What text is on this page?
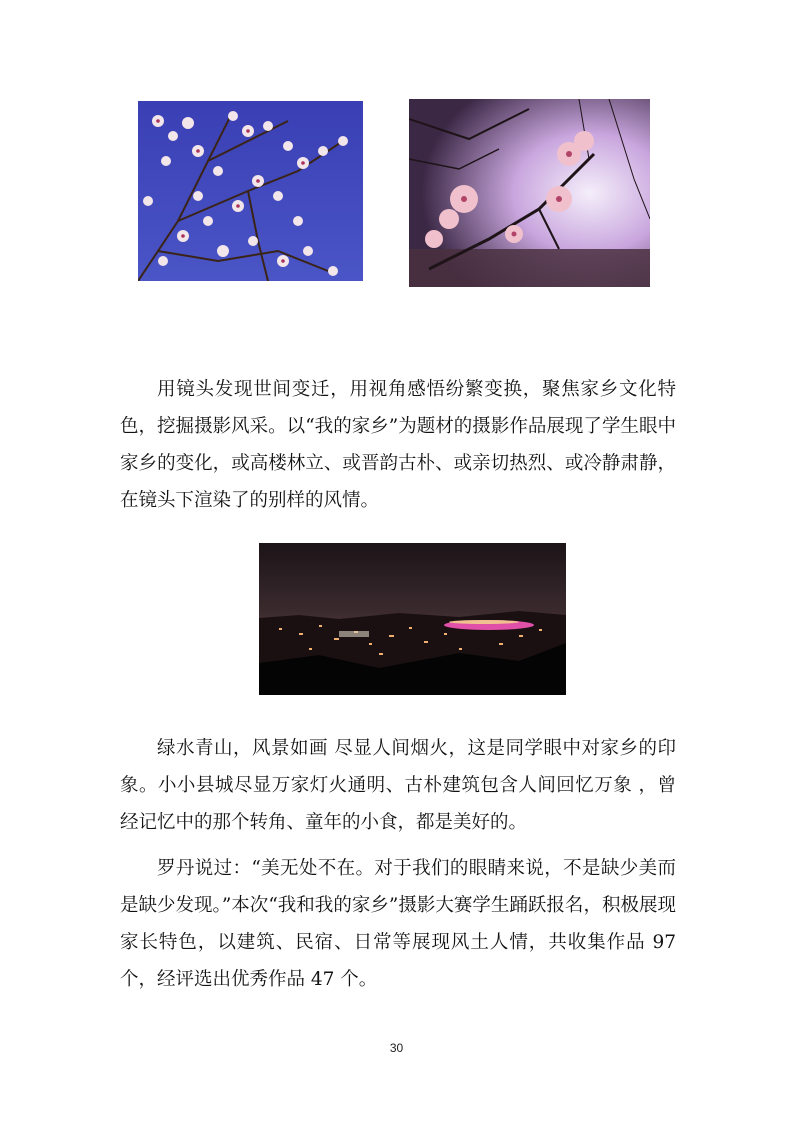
用镜头发现世间变迁，用视角感悟纷繁变换，聚焦家乡文化特色，挖掘摄影风采。以“我的家乡”为题材的摄影作品展现了学生眼中家乡的变化，或高楼林立、或晋韵古朴、或亲切热烈、或冷静肃静，在镜头下渲染了的别样的风情。

绿水青山，风景如画 尽显人间烟火，这是同学眼中对家乡的印象。小小县城尽显万家灯火通明、古朴建筑包含人间回忆万象 ，曾经记忆中的那个转角、童年的小食，都是美好的。

罗丹说过：“美无处不在。对于我们的眼睛来说，不是缺少美而是缺少发现。”本次“我和我的家乡”摄影大赛学生踊跃报名，积极展现家长特色，以建筑、民宿、日常等展现风土人情，共收集作品 97 个，经评选出优秀作品 47 个。

30
